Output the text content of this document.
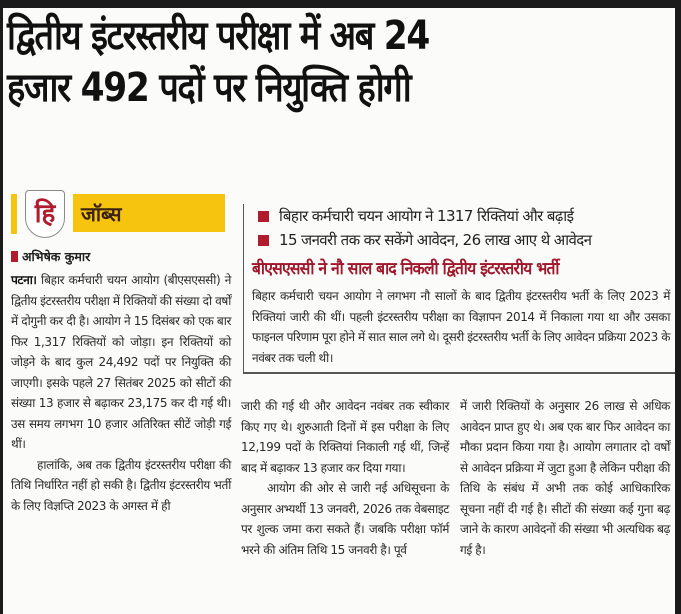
द्वितीय इंटरस्तरीय परीक्षा में अब 24
हजार 492 पदों पर नियुक्ति होगी
हि जॉब्स
अभिषेक कुमार

पटना। बिहार कर्मचारी चयन आयोग (बीएसएससी) ने द्वितीय इंटरस्तरीय परीक्षा में रिक्तियों की संख्या दो वर्षों में दोगुनी कर दी है। आयोग ने 15 दिसंबर को एक बार फिर 1,317 रिक्तियों को जोड़ा। इन रिक्तियों को जोड़ने के बाद कुल 24,492 पदों पर नियुक्ति की जाएगी। इसके पहले 27 सितंबर 2025 को सीटों की संख्या 13 हजार से बढ़ाकर 23,175 कर दी गई थी। उस समय लगभग 10 हजार अतिरिक्त सीटें जोड़ी गई थीं।

हालांकि, अब तक द्वितीय इंटरस्तरीय परीक्षा की तिथि निर्धारित नहीं हो सकी है। द्वितीय इंटरस्तरीय भर्ती के लिए विज्ञप्ति 2023 के अगस्त में ही

बिहार कर्मचारी चयन आयोग ने 1317 रिक्तियां और बढ़ाई
15 जनवरी तक कर सकेंगे आवेदन, 26 लाख आए थे आवेदन
बीएसएससी ने नौ साल बाद निकली द्वितीय इंटरस्तरीय भर्ती
बिहार कर्मचारी चयन आयोग ने लगभग नौ सालों के बाद द्वितीय इंटरस्तरीय भर्ती के लिए 2023 में रिक्तियां जारी की थीं। पहली इंटरस्तरीय परीक्षा का विज्ञापन 2014 में निकाला गया था और उसका फाइनल परिणाम पूरा होने में सात साल लगे थे। दूसरी इंटरस्तरीय भर्ती के लिए आवेदन प्रक्रिया 2023 के नवंबर तक चली थी।

जारी की गई थी और आवेदन नवंबर तक स्वीकार किए गए थे। शुरुआती दिनों में इस परीक्षा के लिए 12,199 पदों के रिक्तियां निकाली गई थीं, जिन्हें बाद में बढ़ाकर 13 हजार कर दिया गया।

आयोग की ओर से जारी नई अधिसूचना के अनुसार अभ्यर्थी 13 जनवरी, 2026 तक वेबसाइट पर शुल्क जमा करा सकते हैं। जबकि परीक्षा फॉर्म भरने की अंतिम तिथि 15 जनवरी है। पूर्व

में जारी रिक्तियों के अनुसार 26 लाख से अधिक आवेदन प्राप्त हुए थे। अब एक बार फिर आवेदन का मौका प्रदान किया गया है। आयोग लगातार दो वर्षों से आवेदन प्रक्रिया में जुटा हुआ है लेकिन परीक्षा की तिथि के संबंध में अभी तक कोई आधिकारिक सूचना नहीं दी गई है। सीटों की संख्या कई गुना बढ़ जाने के कारण आवेदनों की संख्या भी अत्यधिक बढ़ गई है।
